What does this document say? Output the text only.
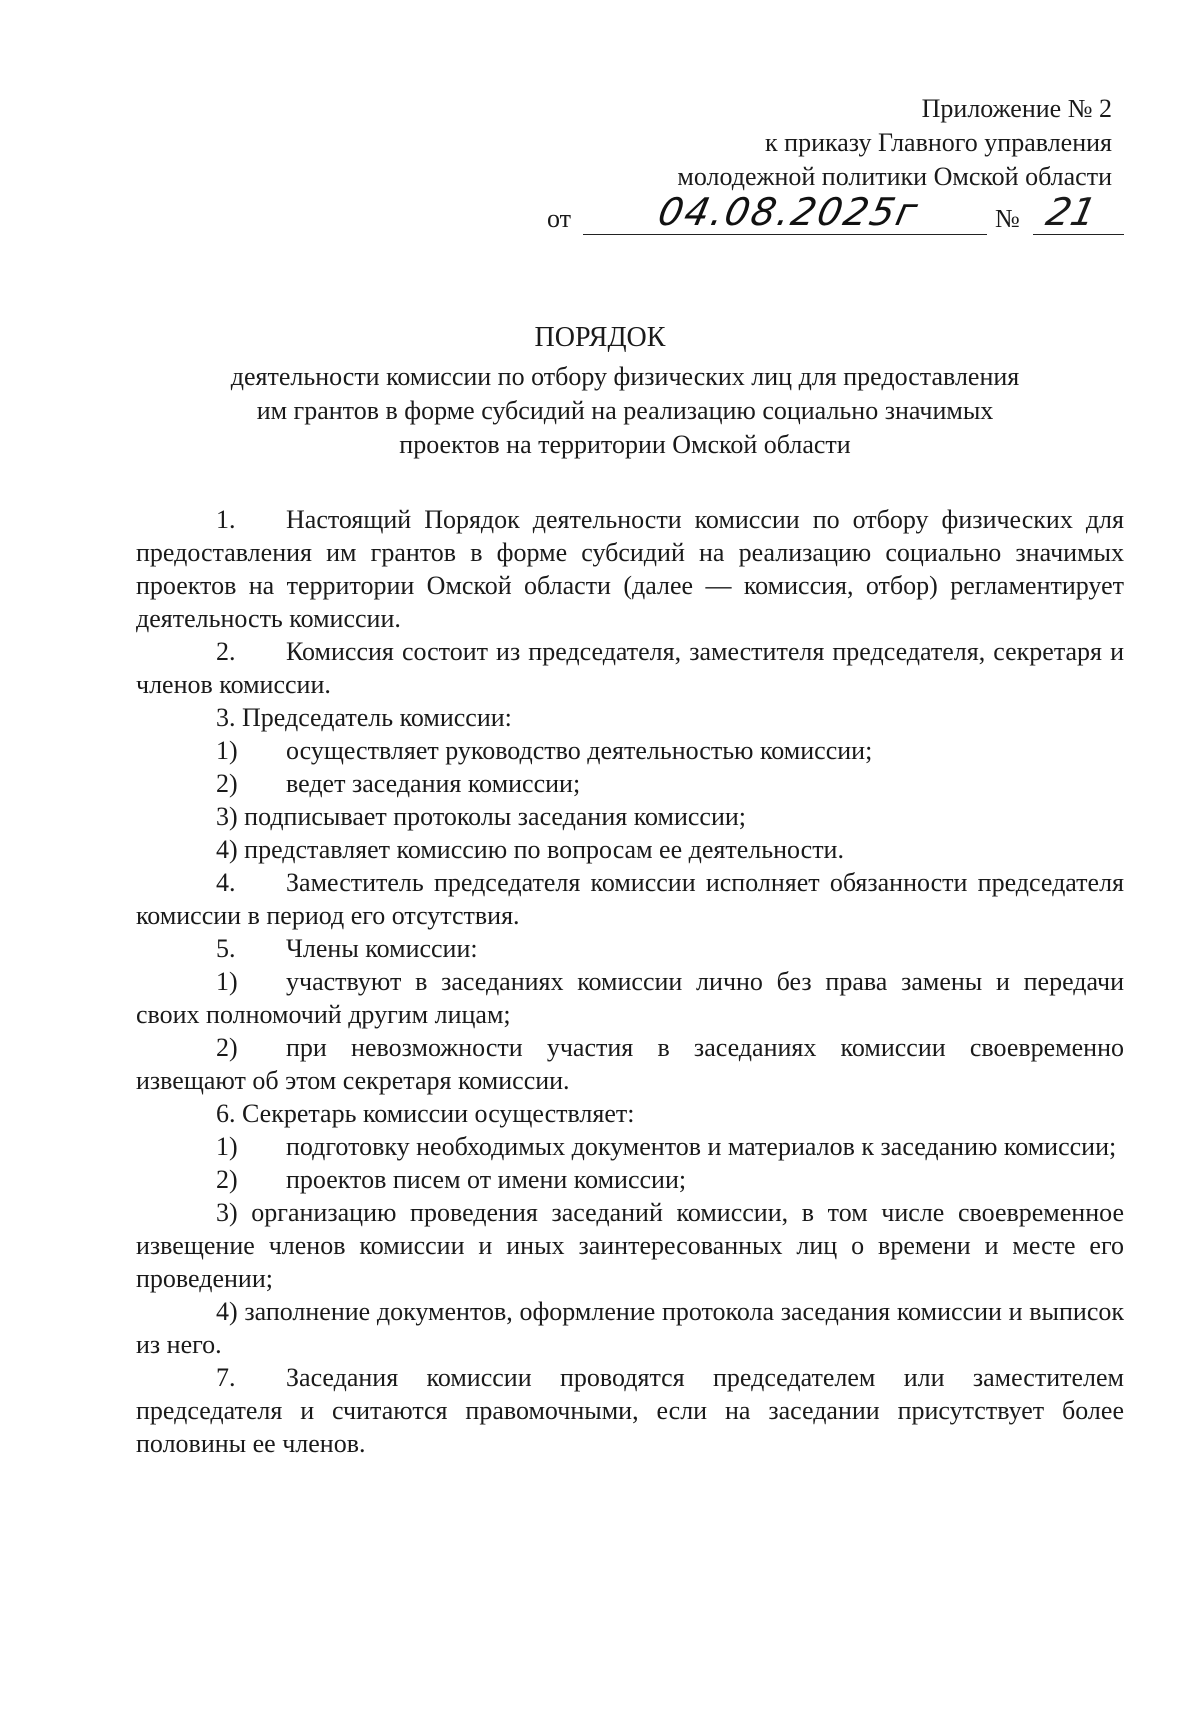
Приложение № 2
к приказу Главного управления
молодежной политики Омской области
от 04.08.2025г	№ 21
ПОРЯДОК
деятельности комиссии по отбору физических лиц для предоставления
им грантов в форме субсидий на реализацию социально значимых
проектов на территории Омской области

1. Настоящий Порядок деятельности комиссии по отбору физических для предоставления им грантов в форме субсидий на реализацию социально значимых проектов на территории Омской области (далее — комиссия, отбор) регламентирует деятельность комиссии.

2. Комиссия состоит из председателя, заместителя председателя, секретаря и членов комиссии.

3. Председатель комиссии:

1) осуществляет руководство деятельностью комиссии;

2) ведет заседания комиссии;

3) подписывает протоколы заседания комиссии;

4) представляет комиссию по вопросам ее деятельности.

4. Заместитель председателя комиссии исполняет обязанности председателя комиссии в период его отсутствия.

5. Члены комиссии:

1) участвуют в заседаниях комиссии лично без права замены и передачи своих полномочий другим лицам;

2) при невозможности участия в заседаниях комиссии своевременно извещают об этом секретаря комиссии.

6. Секретарь комиссии осуществляет:

1) подготовку необходимых документов и материалов к заседанию комиссии;

2) проектов писем от имени комиссии;

3) организацию проведения заседаний комиссии, в том числе своевременное извещение членов комиссии и иных заинтересованных лиц о времени и месте его проведении;

4) заполнение документов, оформление протокола заседания комиссии и выписок из него.

7. Заседания комиссии проводятся председателем или заместителем председателя и считаются правомочными, если на заседании присутствует более половины ее членов.
